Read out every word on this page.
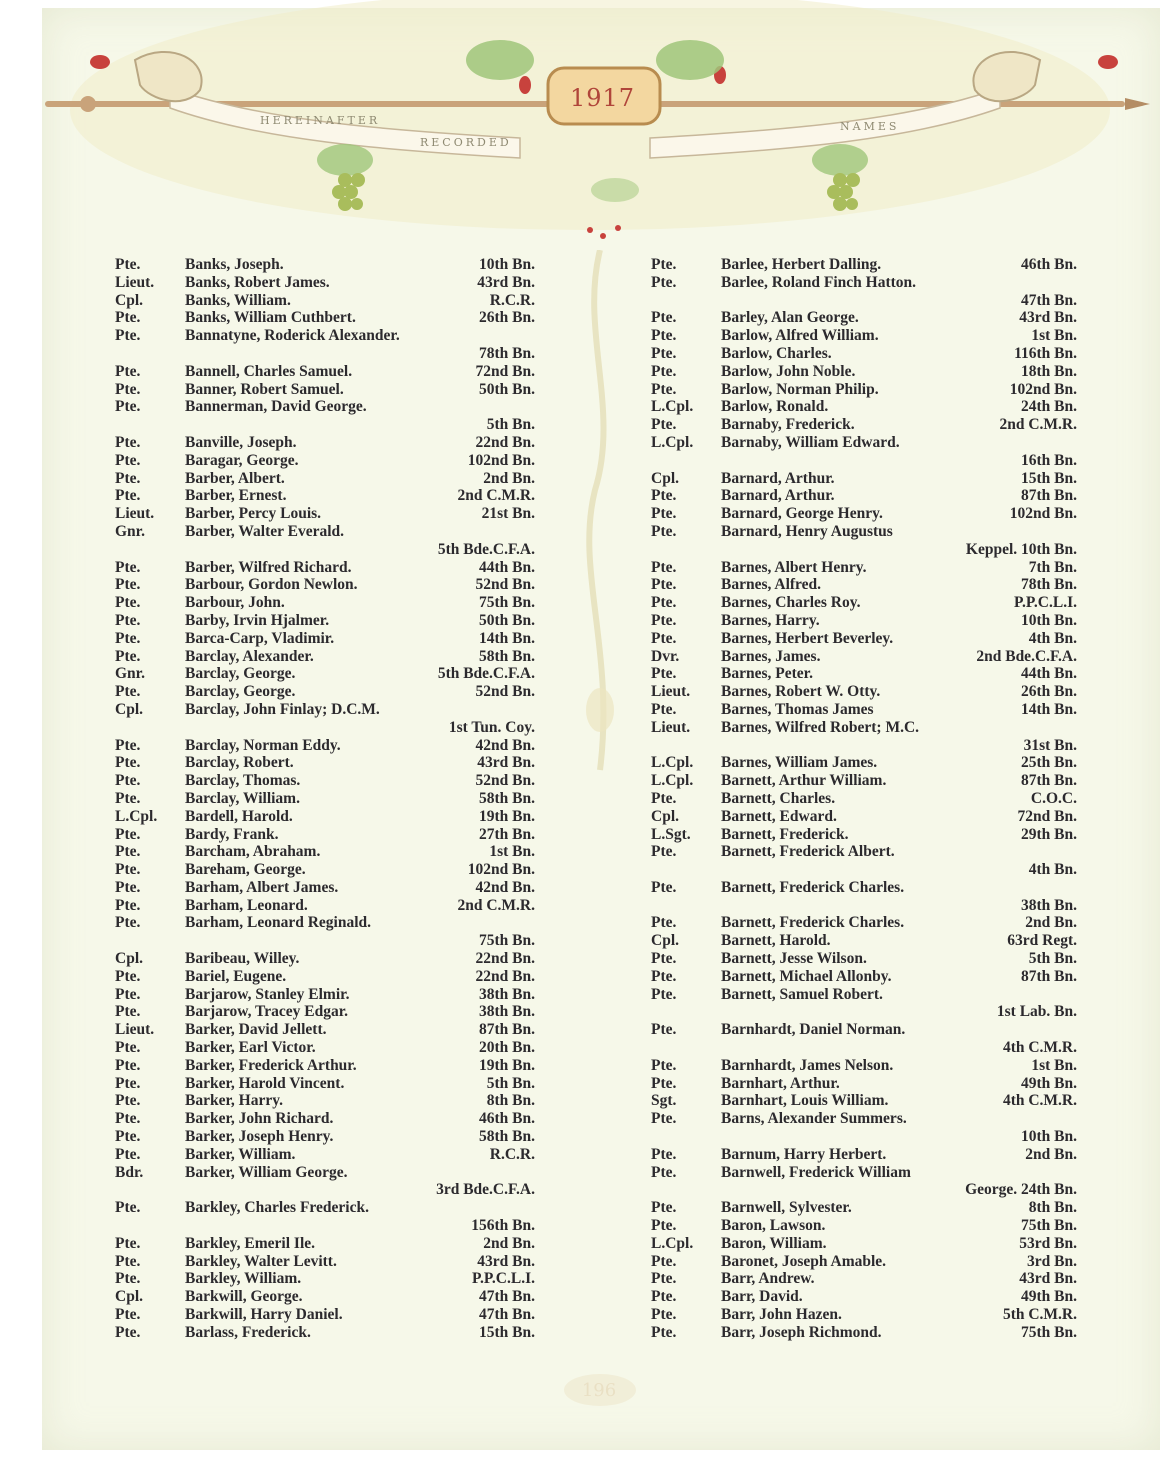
HEREINAFTER
RECORDED
NAMES
1917
Pte.	Banks, Joseph.	10th Bn.
Lieut. Banks, Robert James.	43rd Bn.
Cpl.	Banks, William.	R.C.R.
Pte.	Banks, William Cuthbert.	26th Bn.
Pte.	Bannatyne, Roderick Alexander.
78th Bn.
Pte.	Bannell, Charles Samuel.	72nd Bn.
Pte.	Banner, Robert Samuel.	50th Bn.
Pte.	Bannerman, David George.
5th Bn.
Pte.	Banville, Joseph.	22nd Bn.
Pte.	Baragar, George.	102nd Bn.
Pte.	Barber, Albert.	2nd Bn.
Pte.	Barber, Ernest.	2nd C.M.R.
Lieut. Barber, Percy Louis.	21st Bn.
Gnr.	Barber, Walter Everald.
5th Bde.C.F.A.
Pte.	Barber, Wilfred Richard.	44th Bn.
Pte.	Barbour, Gordon Newlon.	52nd Bn.
Pte.	Barbour, John.	75th Bn.
Pte.	Barby, Irvin Hjalmer.	50th Bn.
Pte.	Barca-Carp, Vladimir.	14th Bn.
Pte.	Barclay, Alexander.	58th Bn.
Gnr.	Barclay, George.	5th Bde.C.F.A.
Pte.	Barclay, George.	52nd Bn.
Cpl.	Barclay, John Finlay; D.C.M.
1st Tun. Coy.
Pte.	Barclay, Norman Eddy.	42nd Bn.
Pte.	Barclay, Robert.	43rd Bn.
Pte.	Barclay, Thomas.	52nd Bn.
Pte.	Barclay, William.	58th Bn.
L.Cpl. Bardell, Harold.	19th Bn.
Pte.	Bardy, Frank.	27th Bn.
Pte.	Barcham, Abraham.	1st Bn.
Pte.	Bareham, George.	102nd Bn.
Pte.	Barham, Albert James.	42nd Bn.
Pte.	Barham, Leonard.	2nd C.M.R.
Pte.	Barham, Leonard Reginald.
75th Bn.
Cpl.	Baribeau, Willey.	22nd Bn.
Pte.	Bariel, Eugene.	22nd Bn.
Pte.	Barjarow, Stanley Elmir.	38th Bn.
Pte.	Barjarow, Tracey Edgar.	38th Bn.
Lieut. Barker, David Jellett.	87th Bn.
Pte.	Barker, Earl Victor.	20th Bn.
Pte.	Barker, Frederick Arthur.	19th Bn.
Pte.	Barker, Harold Vincent.	5th Bn.
Pte.	Barker, Harry.	8th Bn.
Pte.	Barker, John Richard.	46th Bn.
Pte.	Barker, Joseph Henry.	58th Bn.
Pte.	Barker, William.	R.C.R.
Bdr.	Barker, William George.
3rd Bde.C.F.A.
Pte.	Barkley, Charles Frederick.
156th Bn.
Pte.	Barkley, Emeril Ile.	2nd Bn.
Pte.	Barkley, Walter Levitt.	43rd Bn.
Pte.	Barkley, William.	P.P.C.L.I.
Cpl.	Barkwill, George.	47th Bn.
Pte.	Barkwill, Harry Daniel.	47th Bn.
Pte.	Barlass, Frederick.	15th Bn.
Pte.	Barlee, Herbert Dalling.	46th Bn.
Pte.	Barlee, Roland Finch Hatton.
47th Bn.
Pte.	Barley, Alan George.	43rd Bn.
Pte.	Barlow, Alfred William.	1st Bn.
Pte.	Barlow, Charles.	116th Bn.
Pte.	Barlow, John Noble.	18th Bn.
Pte.	Barlow, Norman Philip.	102nd Bn.
L.Cpl. Barlow, Ronald.	24th Bn.
Pte.	Barnaby, Frederick.	2nd C.M.R.
L.Cpl. Barnaby, William Edward.
16th Bn.
Cpl.	Barnard, Arthur.	15th Bn.
Pte.	Barnard, Arthur.	87th Bn.
Pte.	Barnard, George Henry.	102nd Bn.
Pte.	Barnard, Henry Augustus
Keppel. 10th Bn.
Pte.	Barnes, Albert Henry.	7th Bn.
Pte.	Barnes, Alfred.	78th Bn.
Pte.	Barnes, Charles Roy.	P.P.C.L.I.
Pte.	Barnes, Harry.	10th Bn.
Pte.	Barnes, Herbert Beverley.	4th Bn.
Dvr.	Barnes, James.	2nd Bde.C.F.A.
Pte.	Barnes, Peter.	44th Bn.
Lieut. Barnes, Robert W. Otty.	26th Bn.
Pte.	Barnes, Thomas James	14th Bn.
Lieut. Barnes, Wilfred Robert; M.C.
31st Bn.
L.Cpl. Barnes, William James.	25th Bn.
L.Cpl. Barnett, Arthur William.	87th Bn.
Pte.	Barnett, Charles.	C.O.C.
Cpl.	Barnett, Edward.	72nd Bn.
L.Sgt. Barnett, Frederick.	29th Bn.
Pte.	Barnett, Frederick Albert.
4th Bn.
Pte.	Barnett, Frederick Charles.
38th Bn.
Pte.	Barnett, Frederick Charles.	2nd Bn.
Cpl.	Barnett, Harold.	63rd Regt.
Pte.	Barnett, Jesse Wilson.	5th Bn.
Pte.	Barnett, Michael Allonby.	87th Bn.
Pte.	Barnett, Samuel Robert.
1st Lab. Bn.
Pte.	Barnhardt, Daniel Norman.
4th C.M.R.
Pte.	Barnhardt, James Nelson.	1st Bn.
Pte.	Barnhart, Arthur.	49th Bn.
Sgt.	Barnhart, Louis William.	4th C.M.R.
Pte.	Barns, Alexander Summers.
10th Bn.
Pte.	Barnum, Harry Herbert.	2nd Bn.
Pte.	Barnwell, Frederick William
George. 24th Bn.
Pte.	Barnwell, Sylvester.	8th Bn.
Pte.	Baron, Lawson.	75th Bn.
L.Cpl. Baron, William.	53rd Bn.
Pte.	Baronet, Joseph Amable.	3rd Bn.
Pte.	Barr, Andrew.	43rd Bn.
Pte.	Barr, David.	49th Bn.
Pte.	Barr, John Hazen.	5th C.M.R.
Pte.	Barr, Joseph Richmond.	75th Bn.
196
